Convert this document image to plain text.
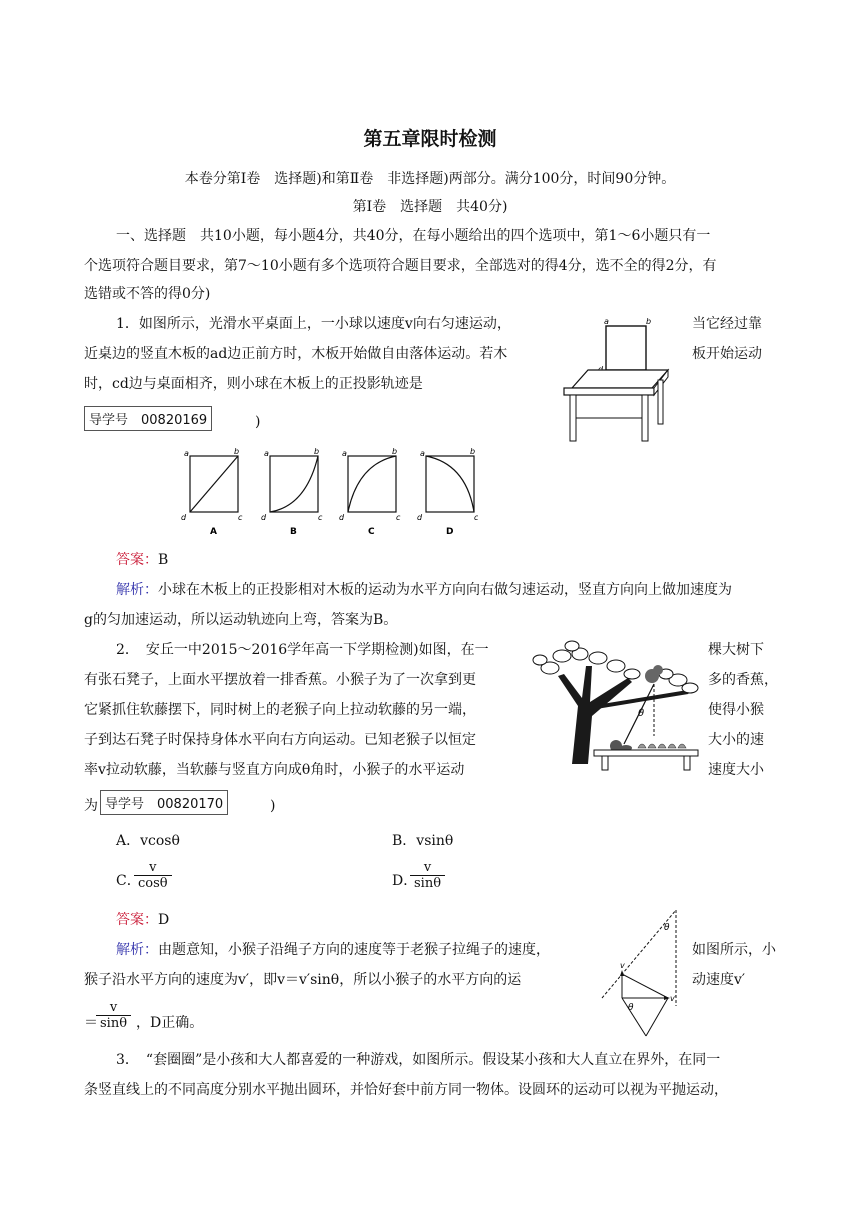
第五章限时检测
本卷分第Ⅰ卷　选择题)和第Ⅱ卷　非选择题)两部分。满分100分，时间90分钟。
第Ⅰ卷　选择题　共40分)
一、选择题　共10小题，每小题4分，共40分，在每小题给出的四个选项中，第1～6小题只有一
个选项符合题目要求，第7～10小题有多个选项符合题目要求，全部选对的得4分，选不全的得2分，有
选错或不答的得0分)
1．如图所示，光滑水平桌面上，一小球以速度v向右匀速运动，	当它经过靠
近桌边的竖直木板的ad边正前方时，木板开始做自由落体运动。若木	板开始运动
时，cd边与桌面相齐，则小球在木板上的正投影轨迹是
导学号　00820169	)
a	b
a	b
d	c
A
a	b
d	c
B
a	b
d	c
C
a	b
d	c
D
答案：B
解析：小球在木板上的正投影相对木板的运动为水平方向向右做匀速运动，竖直方向向上做加速度为
g的匀加速运动，所以运动轨迹向上弯，答案为B。
2．　安丘一中2015～2016学年高一下学期检测)如图，在一	棵大树下
有张石凳子，上面水平摆放着一排香蕉。小猴子为了一次拿到更	多的香蕉，
它紧抓住软藤摆下，同时树上的老猴子向上拉动软藤的另一端，	使得小猴
子到达石凳子时保持身体水平向右方向运动。已知老猴子以恒定	大小的速
率v拉动软藤，当软藤与竖直方向成θ角时，小猴子的水平运动	速度大小
为 导学号　00820170	)
θ
A．vcosθ	B．vsinθ
C．
$\frac{v}{\cos\theta}$	D．
$\frac{v}{\sin\theta}$
答案：D
解析：由题意知，小猴子沿绳子方向的速度等于老猴子拉绳子的速度，	如图所示，小
猴子沿水平方向的速度为v′，即v＝v′sinθ，所以小猴子的水平方向的运	动速度v′
＝
$\frac{v}{\sin\theta}$ ，D正确。
θ
v
v′
θ
3．　“套圈圈”是小孩和大人都喜爱的一种游戏，如图所示。假设某小孩和大人直立在界外，在同一
条竖直线上的不同高度分别水平抛出圆环，并恰好套中前方同一物体。设圆环的运动可以视为平抛运动，
